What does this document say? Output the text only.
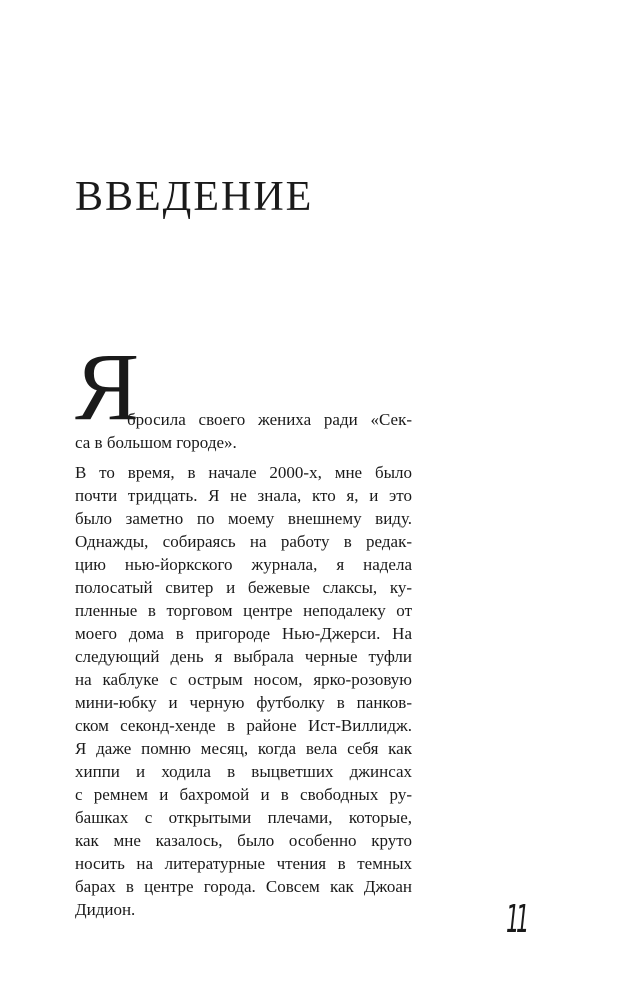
ВВЕДЕНИЕ
Я
бросила своего жениха ради «Сек-
са в большом городе».

В то время, в начале 2000-х, мне было
почти тридцать. Я не знала, кто я, и это
было заметно по моему внешнему виду.
Однажды, собираясь на работу в редак-
цию нью-йоркского журнала, я надела
полосатый свитер и бежевые слаксы, ку-
пленные в торговом центре неподалеку от
моего дома в пригороде Нью-Джерси. На
следующий день я выбрала черные туфли
на каблуке с острым носом, ярко-розовую
мини-юбку и черную футболку в панков-
ском секонд-хенде в районе Ист-Виллидж.
Я даже помню месяц, когда вела себя как
хиппи и ходила в выцветших джинсах
с ремнем и бахромой и в свободных ру-
башках с открытыми плечами, которые,
как мне казалось, было особенно круто
носить на литературные чтения в темных
барах в центре города. Совсем как Джоан
Дидион.	11
